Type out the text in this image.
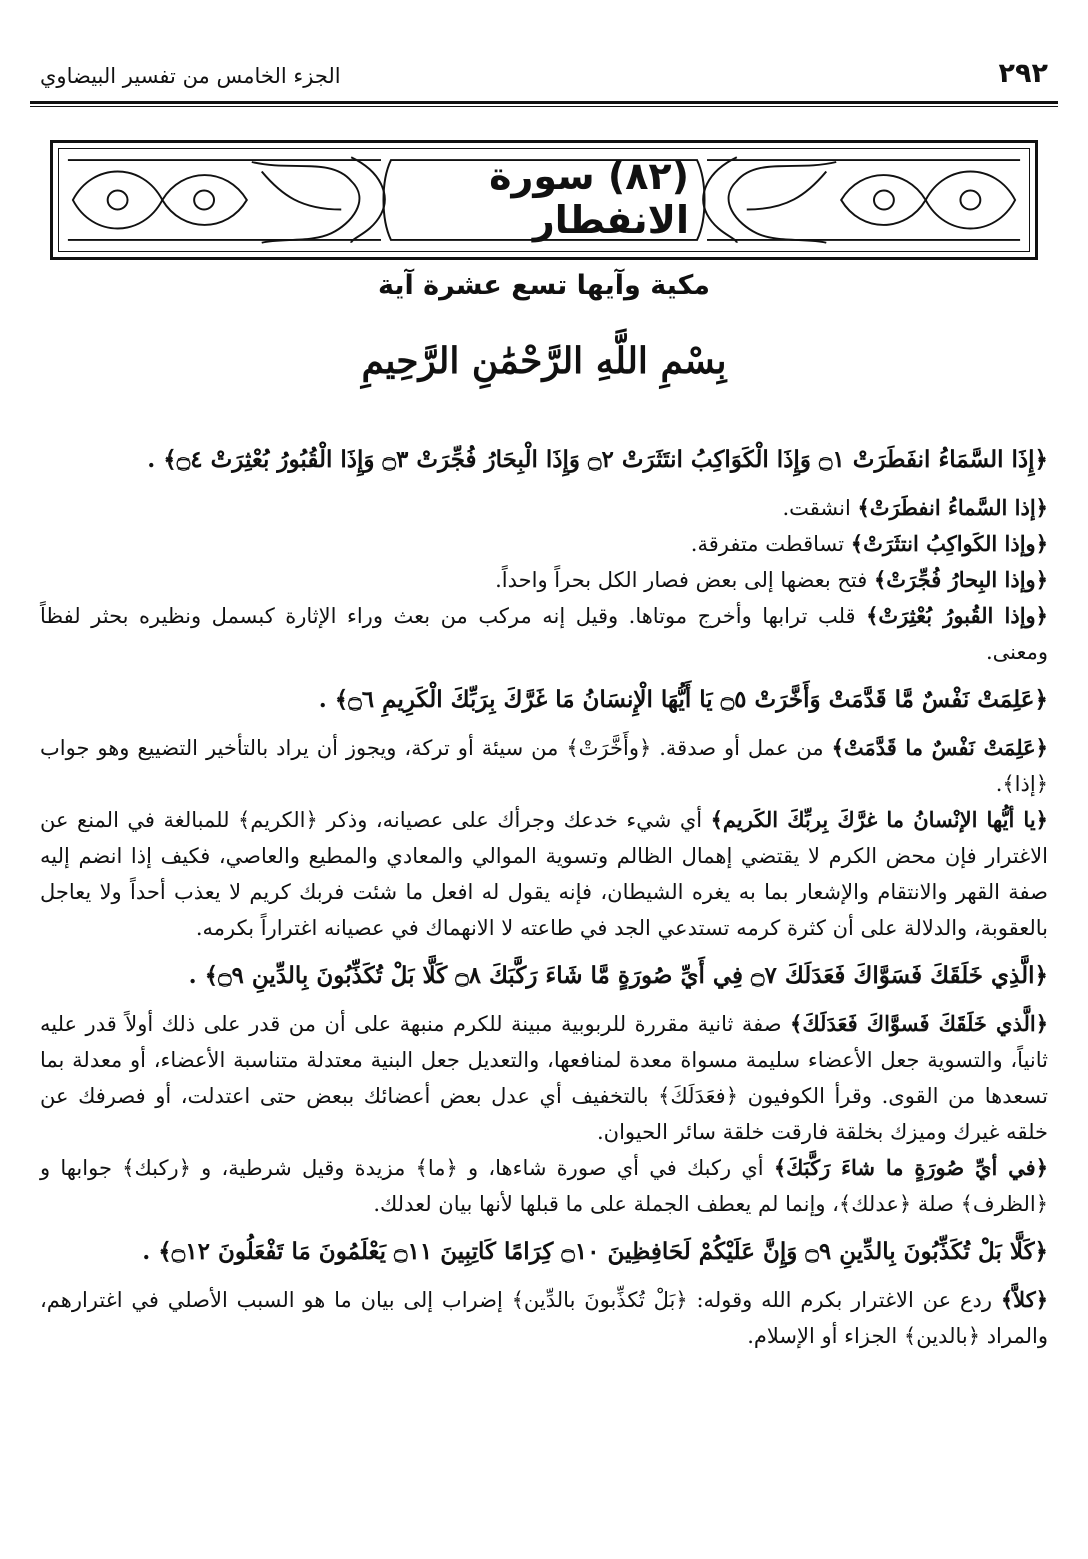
٢٩٢
الجزء الخامس من تفسير البيضاوي
(٨٢) سورة الانفطار
مكية وآيها تسع عشرة آية
بِسْمِ اللَّهِ الرَّحْمَٰنِ الرَّحِيمِ
﴿إِذَا السَّمَاءُ انفَطَرَتْ ۝١ وَإِذَا الْكَوَاكِبُ انتَثَرَتْ ۝٢ وَإِذَا الْبِحَارُ فُجِّرَتْ ۝٣ وَإِذَا الْقُبُورُ بُعْثِرَتْ ۝٤﴾ .

﴿إذا السَّماءُ انفطَرَتْ﴾ انشقت.

﴿وإذا الكَواكِبُ انتثَرَتْ﴾ تساقطت متفرقة.

﴿وإذا البِحارُ فُجِّرَتْ﴾ فتح بعضها إلى بعض فصار الكل بحراً واحداً.

﴿وإذا القُبورُ بُعْثِرَتْ﴾ قلب ترابها وأخرج موتاها. وقيل إنه مركب من بعث وراء الإثارة كبسمل ونظيره بحثر لفظاً ومعنى.

﴿عَلِمَتْ نَفْسٌ مَّا قَدَّمَتْ وَأَخَّرَتْ ۝٥ يَا أَيُّهَا الْإِنسَانُ مَا غَرَّكَ بِرَبِّكَ الْكَرِيمِ ۝٦﴾ .

﴿عَلِمَتْ نَفْسٌ ما قَدَّمَتْ﴾ من عمل أو صدقة. ﴿وأَخَّرَتْ﴾ من سيئة أو تركة، ويجوز أن يراد بالتأخير التضييع وهو جواب ﴿إذا﴾.

﴿يا أيُّها الإنْسانُ ما غرَّكَ بِربِّكَ الكَريم﴾ أي شيء خدعك وجرأك على عصيانه، وذكر ﴿الكريم﴾ للمبالغة في المنع عن الاغترار فإن محض الكرم لا يقتضي إهمال الظالم وتسوية الموالي والمعادي والمطيع والعاصي، فكيف إذا انضم إليه صفة القهر والانتقام والإشعار بما به يغره الشيطان، فإنه يقول له افعل ما شئت فربك كريم لا يعذب أحداً ولا يعاجل بالعقوبة، والدلالة على أن كثرة كرمه تستدعي الجد في طاعته لا الانهماك في عصيانه اغتراراً بكرمه.

﴿الَّذِي خَلَقَكَ فَسَوَّاكَ فَعَدَلَكَ ۝٧ فِي أَيِّ صُورَةٍ مَّا شَاءَ رَكَّبَكَ ۝٨ كَلَّا بَلْ تُكَذِّبُونَ بِالدِّينِ ۝٩﴾ .

﴿الَّذي خَلَقَكَ فَسوَّاكَ فَعَدَلَكَ﴾ صفة ثانية مقررة للربوبية مبينة للكرم منبهة على أن من قدر على ذلك أولاً قدر عليه ثانياً، والتسوية جعل الأعضاء سليمة مسواة معدة لمنافعها، والتعديل جعل البنية معتدلة متناسبة الأعضاء، أو معدلة بما تسعدها من القوى. وقرأ الكوفيون ﴿فعَدَلَكَ﴾ بالتخفيف أي عدل بعض أعضائك ببعض حتى اعتدلت، أو فصرفك عن خلقه غيرك وميزك بخلقة فارقت خلقة سائر الحيوان.

﴿في أيِّ صُورَةٍ ما شاءَ رَكَّبَكَ﴾ أي ركبك في أي صورة شاءها، و ﴿ما﴾ مزيدة وقيل شرطية، و ﴿ركبك﴾ جوابها و ﴿الظرف﴾ صلة ﴿عدلك﴾، وإنما لم يعطف الجملة على ما قبلها لأنها بيان لعدلك.

﴿كَلَّا بَلْ تُكَذِّبُونَ بِالدِّينِ ۝٩ وَإِنَّ عَلَيْكُمْ لَحَافِظِينَ ۝١٠ كِرَامًا كَاتِبِينَ ۝١١ يَعْلَمُونَ مَا تَفْعَلُونَ ۝١٢﴾ .

﴿كلاَّ﴾ ردع عن الاغترار بكرم الله وقوله: ﴿بَلْ تُكذِّبونَ بالدِّين﴾ إضراب إلى بيان ما هو السبب الأصلي في اغترارهم، والمراد ﴿بالدين﴾ الجزاء أو الإسلام.
